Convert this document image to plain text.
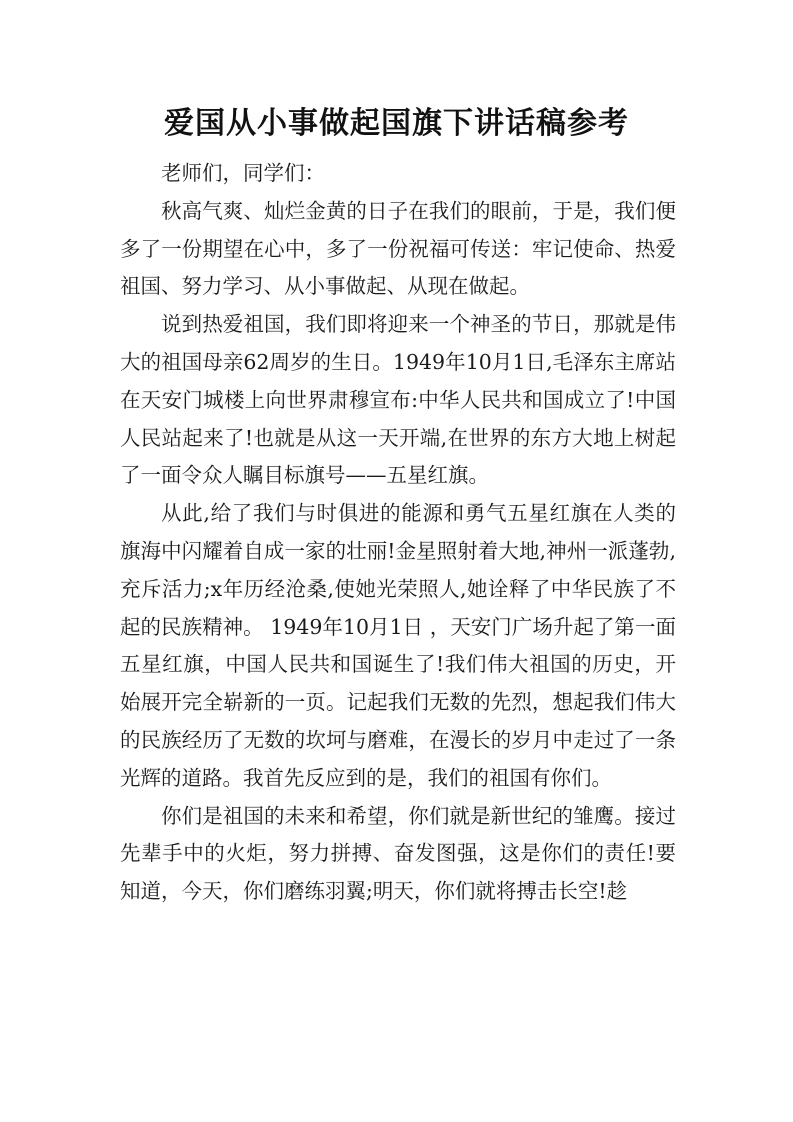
爱国从小事做起国旗下讲话稿参考

老师们，同学们：

秋高气爽、灿烂金黄的日子在我们的眼前，于是，我们便多了一份期望在心中，多了一份祝福可传送：牢记使命、热爱祖国、努力学习、从小事做起、从现在做起。

说到热爱祖国，我们即将迎来一个神圣的节日，那就是伟大的祖国母亲62周岁的生日。1949年10月1日,毛泽东主席站在天安门城楼上向世界肃穆宣布:中华人民共和国成立了!中国人民站起来了!也就是从这一天开端,在世界的东方大地上树起了一面令众人瞩目标旗号——五星红旗。

从此,给了我们与时俱进的能源和勇气五星红旗在人类的旗海中闪耀着自成一家的壮丽!金星照射着大地,神州一派蓬勃,充斥活力;x年历经沧桑,使她光荣照人,她诠释了中华民族了不起的民族精神。 1949年10月1日 ，天安门广场升起了第一面五星红旗，中国人民共和国诞生了!我们伟大祖国的历史，开始展开完全崭新的一页。记起我们无数的先烈，想起我们伟大的民族经历了无数的坎坷与磨难，在漫长的岁月中走过了一条光辉的道路。我首先反应到的是，我们的祖国有你们。

你们是祖国的未来和希望，你们就是新世纪的雏鹰。接过先辈手中的火炬，努力拼搏、奋发图强，这是你们的责任!要知道，今天，你们磨练羽翼;明天，你们就将搏击长空!趁
